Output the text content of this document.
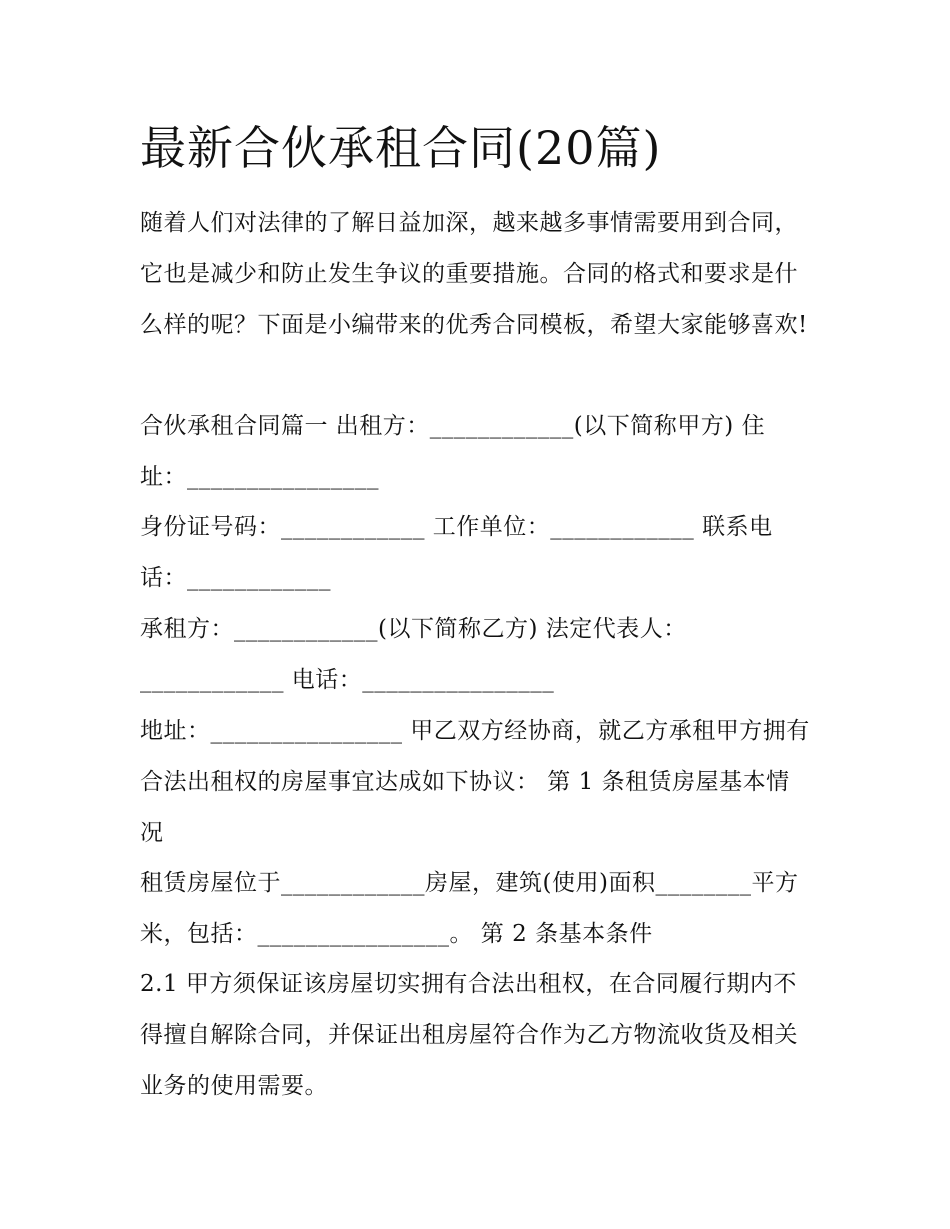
最新合伙承租合同(20篇)

随着人们对法律的了解日益加深，越来越多事情需要用到合同，它也是减少和防止发生争议的重要措施。合同的格式和要求是什么样的呢？下面是小编带来的优秀合同模板，希望大家能够喜欢!

合伙承租合同篇一 出租方：____________(以下简称甲方) 住址：________________

身份证号码：____________ 工作单位：____________ 联系电话：____________

承租方：____________(以下简称乙方) 法定代表人：____________ 电话：________________

地址：________________ 甲乙双方经协商，就乙方承租甲方拥有合法出租权的房屋事宜达成如下协议： 第 1 条租赁房屋基本情况

租赁房屋位于____________房屋，建筑(使用)面积________平方米，包括：________________。 第 2 条基本条件

2.1 甲方须保证该房屋切实拥有合法出租权，在合同履行期内不得擅自解除合同，并保证出租房屋符合作为乙方物流收货及相关业务的使用需要。
